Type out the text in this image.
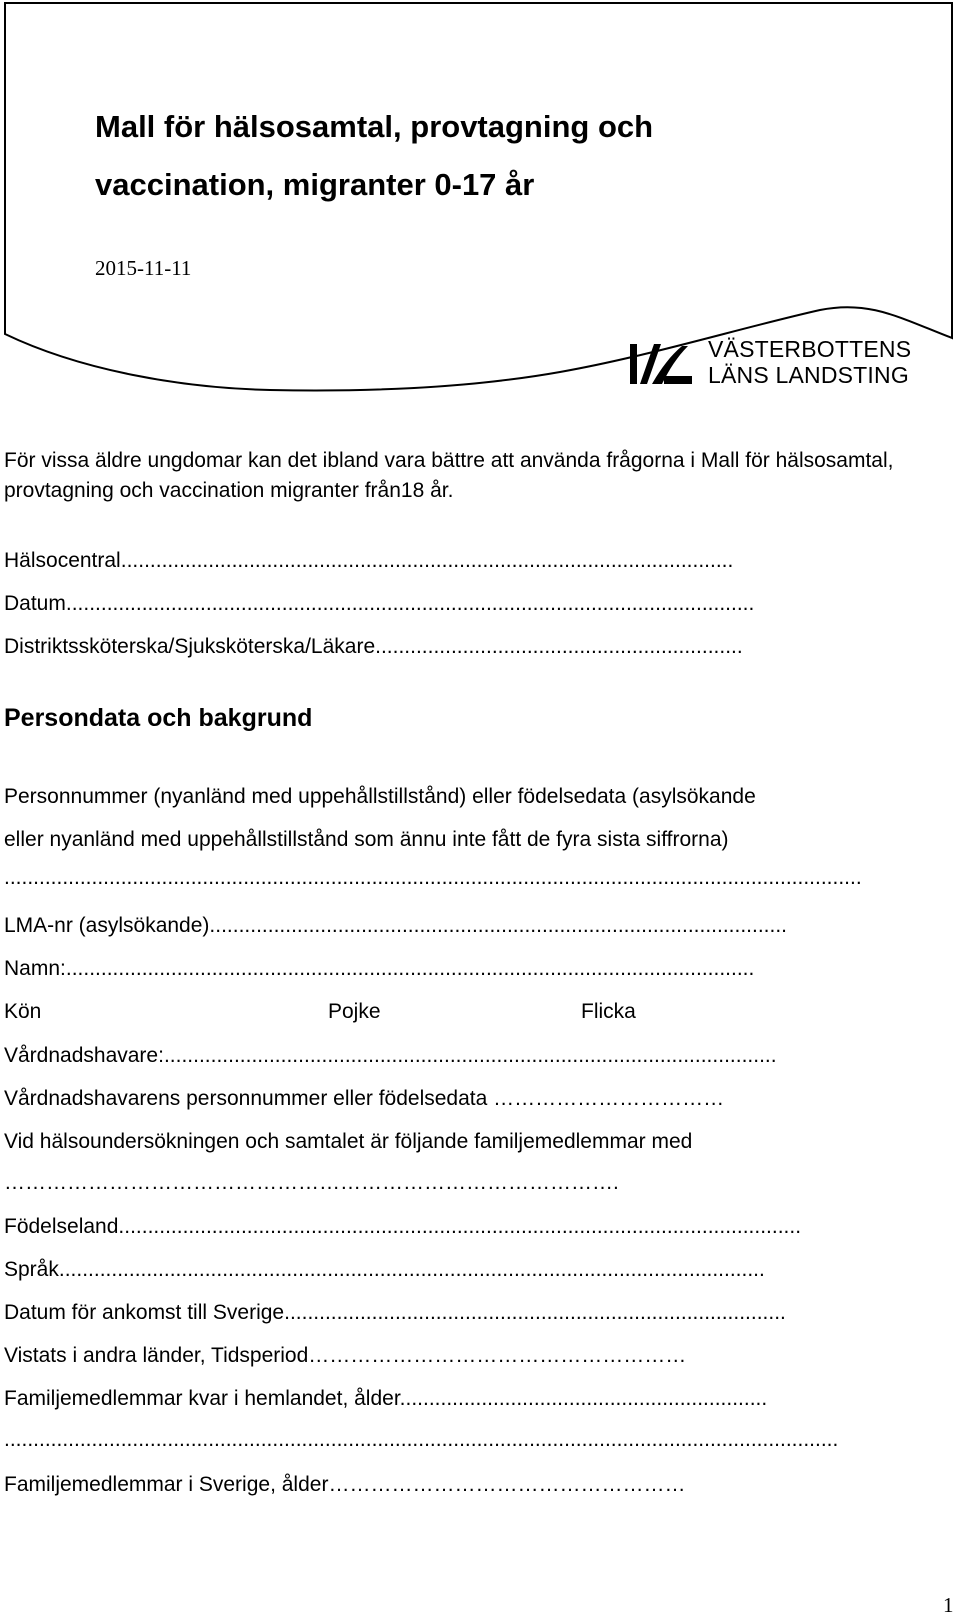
Mall för hälsosamtal, provtagning och
vaccination, migranter 0-17 år
2015-11-11
VÄSTERBOTTENS
LÄNS LANDSTING

För vissa äldre ungdomar kan det ibland vara bättre att använda frågorna i Mall för hälsosamtal, provtagning och vaccination migranter från18 år.

Hälsocentral.........................................................................................................
Datum......................................................................................................................
Distriktssköterska/Sjuksköterska/Läkare...............................................................
Persondata och bakgrund
Personnummer (nyanländ med uppehållstillstånd) eller födelsedata (asylsökande
eller nyanländ med uppehållstillstånd som ännu inte fått de fyra sista siffrorna)
...................................................................................................................................................
LMA-nr (asylsökande)...................................................................................................
Namn:......................................................................................................................
Kön	Pojke	Flicka
Vårdnadshavare:.........................................................................................................
Vårdnadshavarens personnummer eller födelsedata ……………………………
Vid hälsoundersökningen och samtalet är följande familjemedlemmar med
…………………………………………………………………………….
Födelseland.....................................................................................................................
Språk.........................................................................................................................
Datum för ankomst till Sverige......................................................................................
Vistats i andra länder, Tidsperiod………………………………………………
Familjemedlemmar kvar i hemlandet, ålder...............................................................
...............................................................................................................................................
Familjemedlemmar i Sverige, ålder……………………………………………
1
